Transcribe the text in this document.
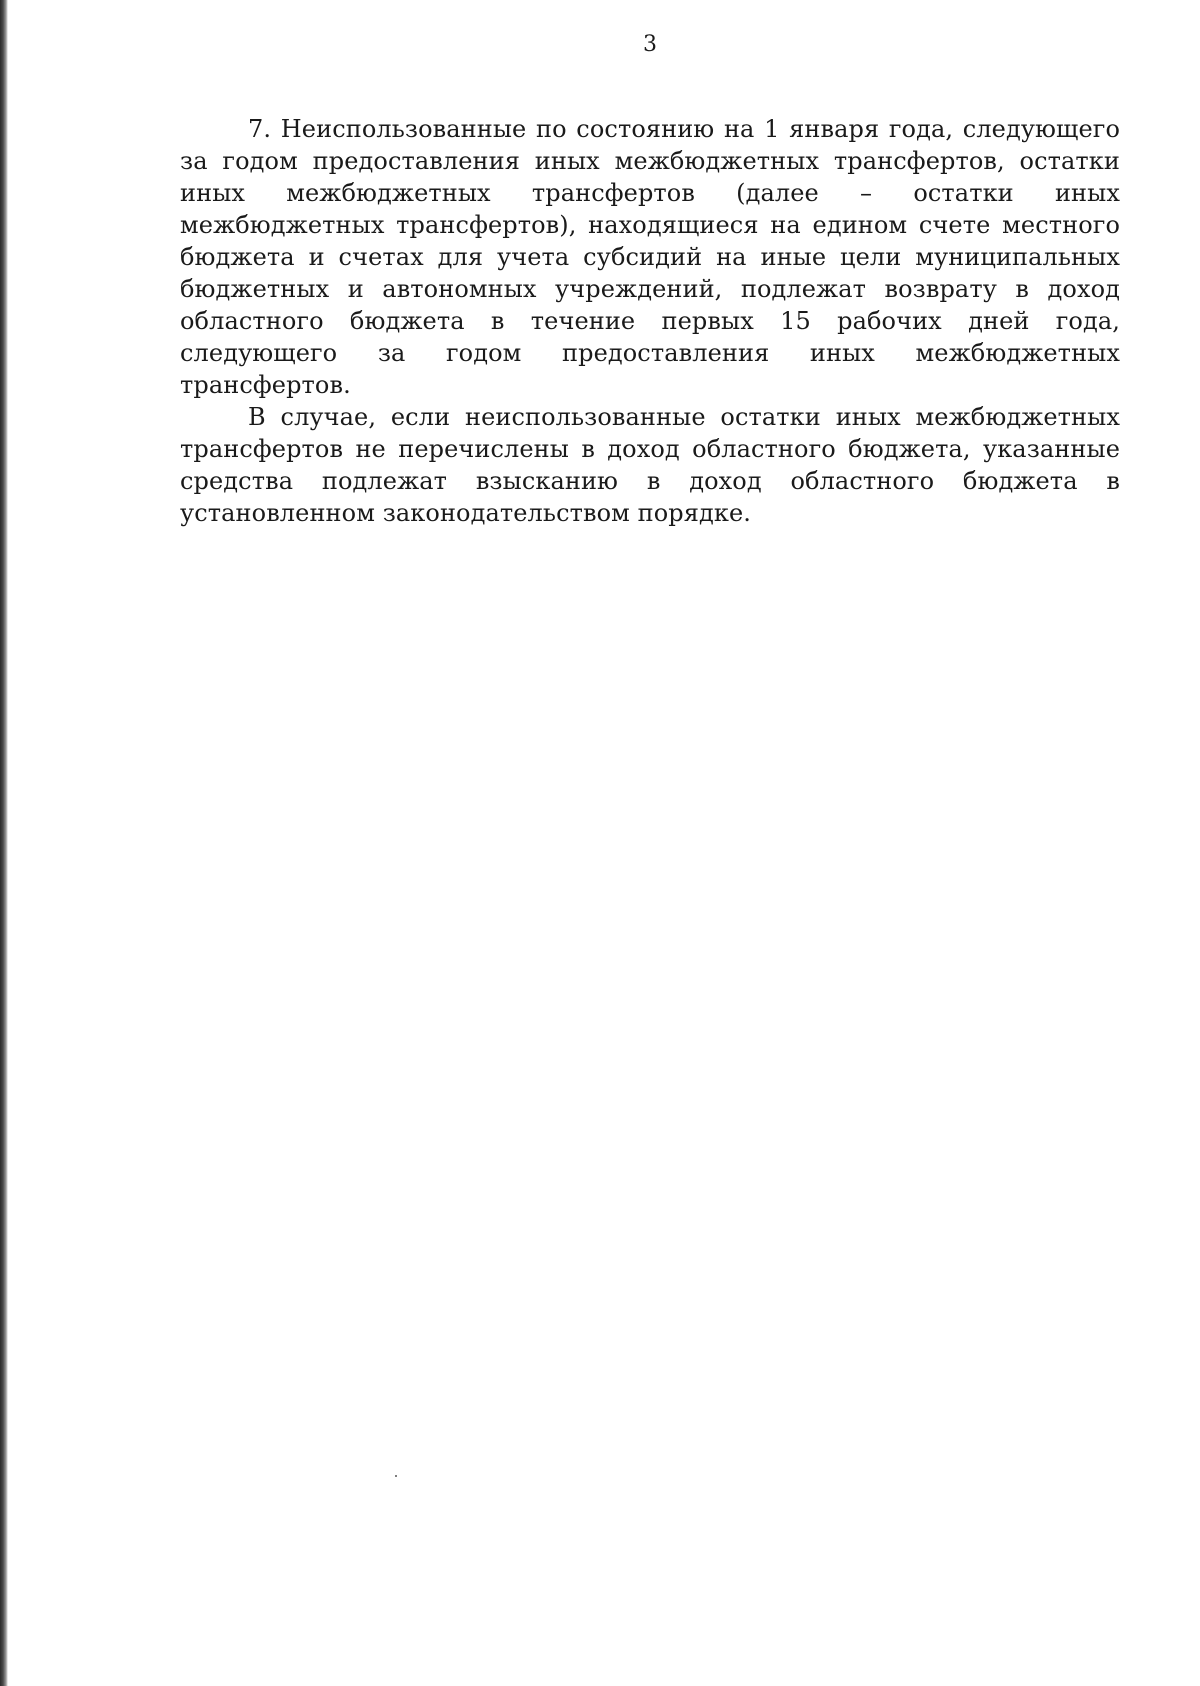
3

7. Неиспользованные по состоянию на 1 января года, следующего за годом предоставления иных межбюджетных трансфертов, остатки иных межбюджетных трансфертов (далее – остатки иных межбюджетных трансфертов), находящиеся на едином счете местного бюджета и счетах для учета субсидий на иные цели муниципальных бюджетных и автономных учреждений, подлежат возврату в доход областного бюджета в течение первых 15 рабочих дней года, следующего за годом предоставления иных межбюджетных трансфертов.

В случае, если неиспользованные остатки иных межбюджетных трансфертов не перечислены в доход областного бюджета, указанные средства подлежат взысканию в доход областного бюджета в установленном законодательством порядке.
